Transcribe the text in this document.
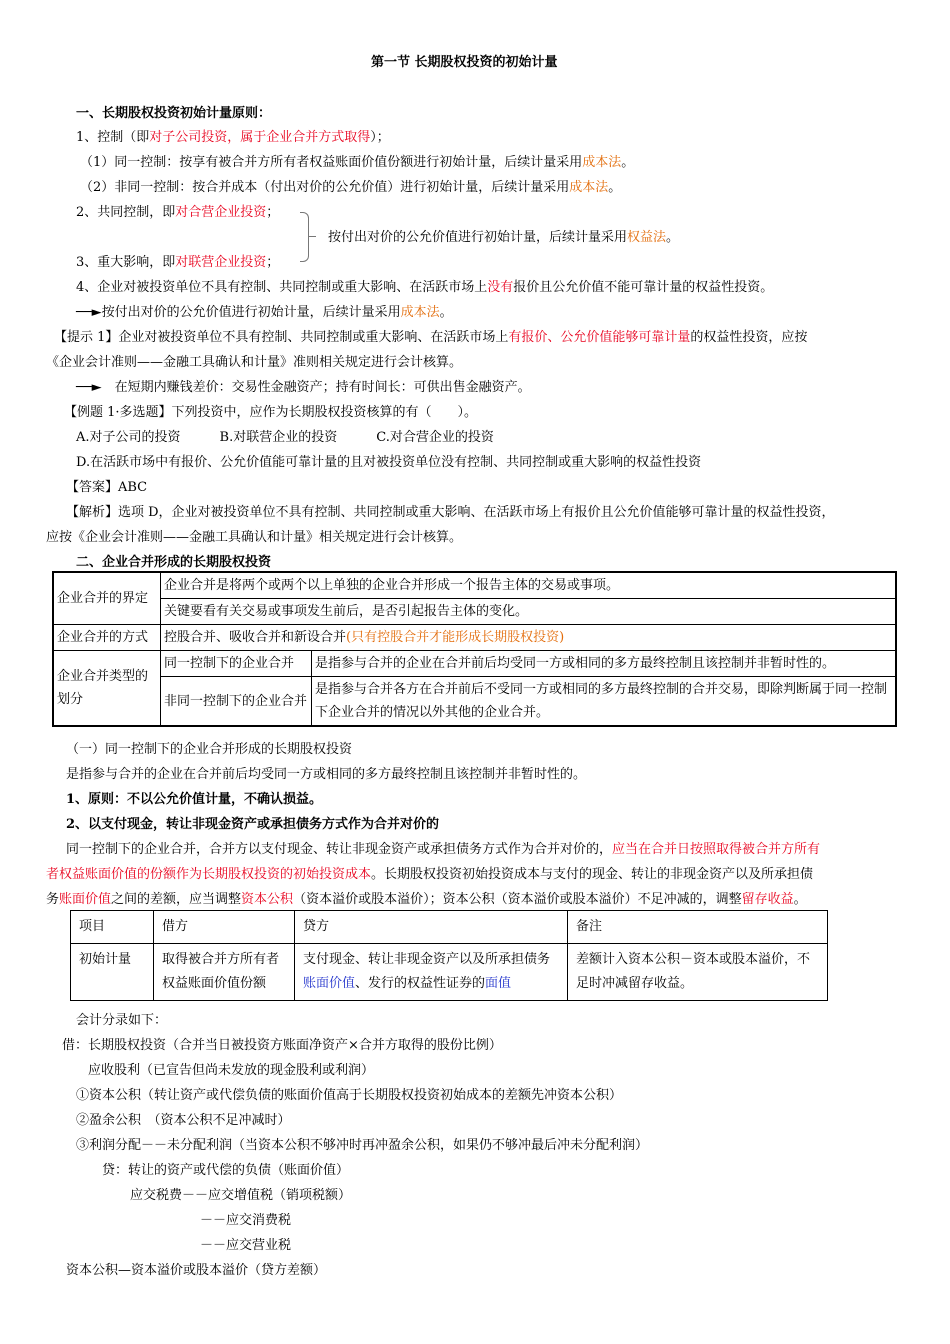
第一节 长期股权投资的初始计量
一、长期股权投资初始计量原则：
1、控制（即对子公司投资，属于企业合并方式取得）；
（1）同一控制：按享有被合并方所有者权益账面价值份额进行初始计量，后续计量采用成本法。
（2）非同一控制：按合并成本（付出对价的公允价值）进行初始计量，后续计量采用成本法。
2、共同控制，即对合营企业投资；
按付出对价的公允价值进行初始计量，后续计量采用权益法。
3、重大影响，即对联营企业投资；
4、企业对被投资单位不具有控制、共同控制或重大影响、在活跃市场上没有报价且公允价值不能可靠计量的权益性投资。
──►按付出对价的公允价值进行初始计量，后续计量采用成本法。
【提示 1】企业对被投资单位不具有控制、共同控制或重大影响、在活跃市场上有报价、公允价值能够可靠计量的权益性投资，应按
《企业会计准则——金融工具确认和计量》准则相关规定进行会计核算。
──►　在短期内赚钱差价：交易性金融资产；持有时间长：可供出售金融资产。
【例题 1·多选题】下列投资中，应作为长期股权投资核算的有（　　）。
A.对子公司的投资　　　B.对联营企业的投资　　　C.对合营企业的投资
D.在活跃市场中有报价、公允价值能可靠计量的且对被投资单位没有控制、共同控制或重大影响的权益性投资
【答案】ABC
【解析】选项 D，企业对被投资单位不具有控制、共同控制或重大影响、在活跃市场上有报价且公允价值能够可靠计量的权益性投资，
应按《企业会计准则——金融工具确认和计量》相关规定进行会计核算。
二、企业合并形成的长期股权投资
企业合并的界定	企业合并是将两个或两个以上单独的企业合并形成一个报告主体的交易或事项。	
	关键要看有关交易或事项发生前后，是否引起报告主体的变化。	
企业合并的方式	控股合并、吸收合并和新设合并(只有控股合并才能形成长期股权投资)	
企业合并类型的划分	同一控制下的企业合并	是指参与合并的企业在合并前后均受同一方或相同的多方最终控制且该控制并非暂时性的。
	非同一控制下的企业合并	是指参与合并各方在合并前后不受同一方或相同的多方最终控制的合并交易，即除判断属于同一控制下企业合并的情况以外其他的企业合并。
（一）同一控制下的企业合并形成的长期股权投资
是指参与合并的企业在合并前后均受同一方或相同的多方最终控制且该控制并非暂时性的。
1、原则：不以公允价值计量，不确认损益。
2、以支付现金，转让非现金资产或承担债务方式作为合并对价的
同一控制下的企业合并，合并方以支付现金、转让非现金资产或承担债务方式作为合并对价的，应当在合并日按照取得被合并方所有
者权益账面价值的份额作为长期股权投资的初始投资成本。长期股权投资初始投资成本与支付的现金、转让的非现金资产以及所承担债
务账面价值之间的差额，应当调整资本公积（资本溢价或股本溢价）；资本公积（资本溢价或股本溢价）不足冲减的，调整留存收益。
项目	借方	贷方	备注
初始计量	取得被合并方所有者权益账面价值份额	支付现金、转让非现金资产以及所承担债务账面价值、发行的权益性证券的面值	差额计入资本公积－资本或股本溢价，不足时冲减留存收益。
会计分录如下：
借：长期股权投资（合并当日被投资方账面净资产×合并方取得的股份比例）
应收股利（已宣告但尚未发放的现金股利或利润）
①资本公积（转让资产或代偿负债的账面价值高于长期股权投资初始成本的差额先冲资本公积）
②盈余公积　（资本公积不足冲减时）
③利润分配－－未分配利润（当资本公积不够冲时再冲盈余公积，如果仍不够冲最后冲未分配利润）
贷：转让的资产或代偿的负债（账面价值）
应交税费－－应交增值税（销项税额）
－－应交消费税
－－应交营业税
资本公积—资本溢价或股本溢价（贷方差额）
